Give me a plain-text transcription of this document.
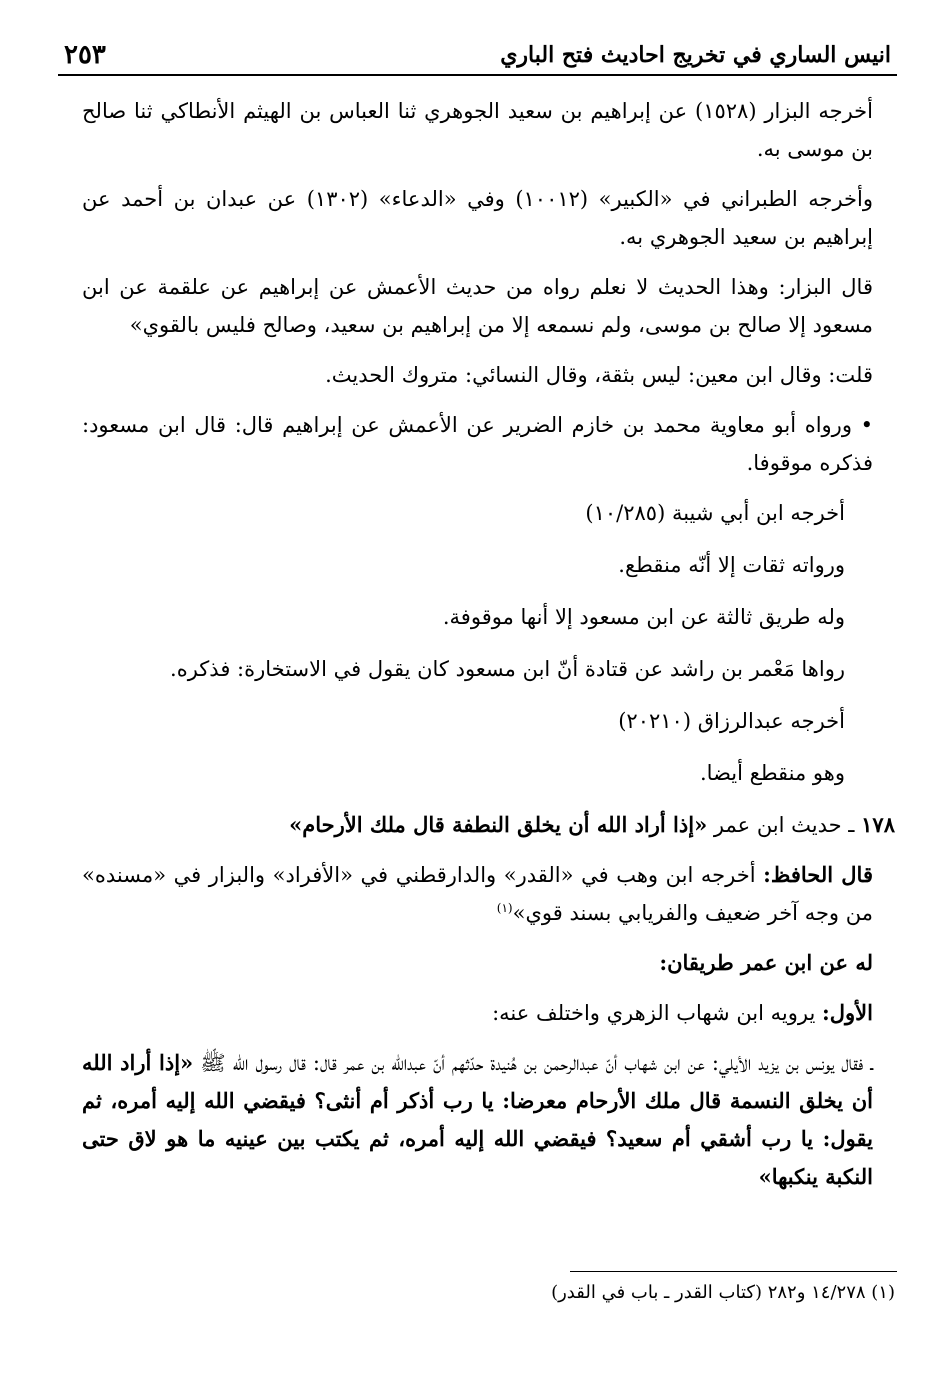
انيس الساري في تخريج احاديث فتح الباري
٢٥٣

أخرجه البزار (١٥٢٨) عن إبراهيم بن سعيد الجوهري ثنا العباس بن الهيثم الأنطاكي ثنا صالح بن موسى به.

وأخرجه الطبراني في «الكبير» (١٠٠١٢) وفي «الدعاء» (١٣٠٢) عن عبدان بن أحمد عن إبراهيم بن سعيد الجوهري به.

قال البزار: وهذا الحديث لا نعلم رواه من حديث الأعمش عن إبراهيم عن علقمة عن ابن مسعود إلا صالح بن موسى، ولم نسمعه إلا من إبراهيم بن سعيد، وصالح فليس بالقوي»

قلت: وقال ابن معين: ليس بثقة، وقال النسائي: متروك الحديث.

• ورواه أبو معاوية محمد بن خازم الضرير عن الأعمش عن إبراهيم قال: قال ابن مسعود: فذكره موقوفا.

أخرجه ابن أبي شيبة (١٠/٢٨٥)

ورواته ثقات إلا أنّه منقطع.

وله طريق ثالثة عن ابن مسعود إلا أنها موقوفة.

رواها مَعْمر بن راشد عن قتادة أنّ ابن مسعود كان يقول في الاستخارة: فذكره.

أخرجه عبدالرزاق (٢٠٢١٠)

وهو منقطع أيضا.

١٧٨ ـ حديث ابن عمر «إذا أراد الله أن يخلق النطفة قال ملك الأرحام»

قال الحافظ: أخرجه ابن وهب في «القدر» والدارقطني في «الأفراد» والبزار في «مسنده» من وجه آخر ضعيف والفريابي بسند قوي»$^{(١)}$

له عن ابن عمر طريقان:

الأول: يرويه ابن شهاب الزهري واختلف عنه:

ـ فقال يونس بن يزيد الأيلي: عن ابن شهاب أنّ عبدالرحمن بن هُنيدة حدّثهم أنّ عبدالله بن عمر قال: قال رسول الله ﷺ «إذا أراد الله أن يخلق النسمة قال ملك الأرحام معرضا: يا رب أذكر أم أنثى؟ فيقضي الله إليه أمره، ثم يقول: يا رب أشقي أم سعيد؟ فيقضي الله إليه أمره، ثم يكتب بين عينيه ما هو لاق حتى النكبة ينكبها»

(١) ١٤/٢٧٨ و٢٨٢ (كتاب القدر ـ باب في القدر)
